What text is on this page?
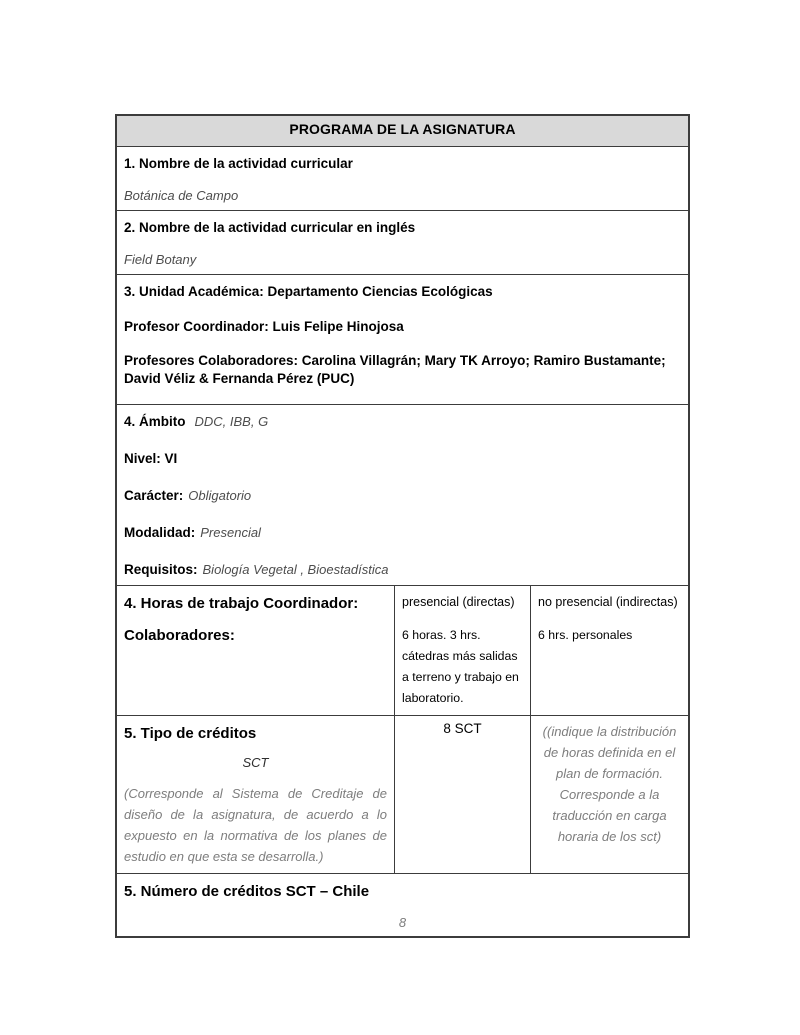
PROGRAMA DE LA ASIGNATURA
1. Nombre de la actividad curricular
Botánica de Campo
2. Nombre de la actividad curricular en inglés
Field Botany
3. Unidad Académica: Departamento Ciencias Ecológicas
Profesor Coordinador: Luis Felipe Hinojosa
Profesores Colaboradores: Carolina Villagrán; Mary TK Arroyo; Ramiro Bustamante; David Véliz & Fernanda Pérez (PUC)
4. Ámbito DDC, IBB, G
Nivel: VI
Carácter: Obligatorio
Modalidad: Presencial
Requisitos: Biología Vegetal , Bioestadística
4. Horas de trabajo Coordinador:
Colaboradores:
presencial (directas)
6 horas. 3 hrs. cátedras más salidas a terreno y trabajo en laboratorio.
no presencial (indirectas)
6 hrs. personales
5. Tipo de créditos
SCT
(Corresponde al Sistema de Creditaje de diseño de la asignatura, de acuerdo a lo expuesto en la normativa de los planes de estudio en que esta se desarrolla.)
8 SCT	((indique la distribución de horas definida en el plan de formación. Corresponde a la traducción en carga horaria de los sct)
5. Número de créditos SCT – Chile
8
